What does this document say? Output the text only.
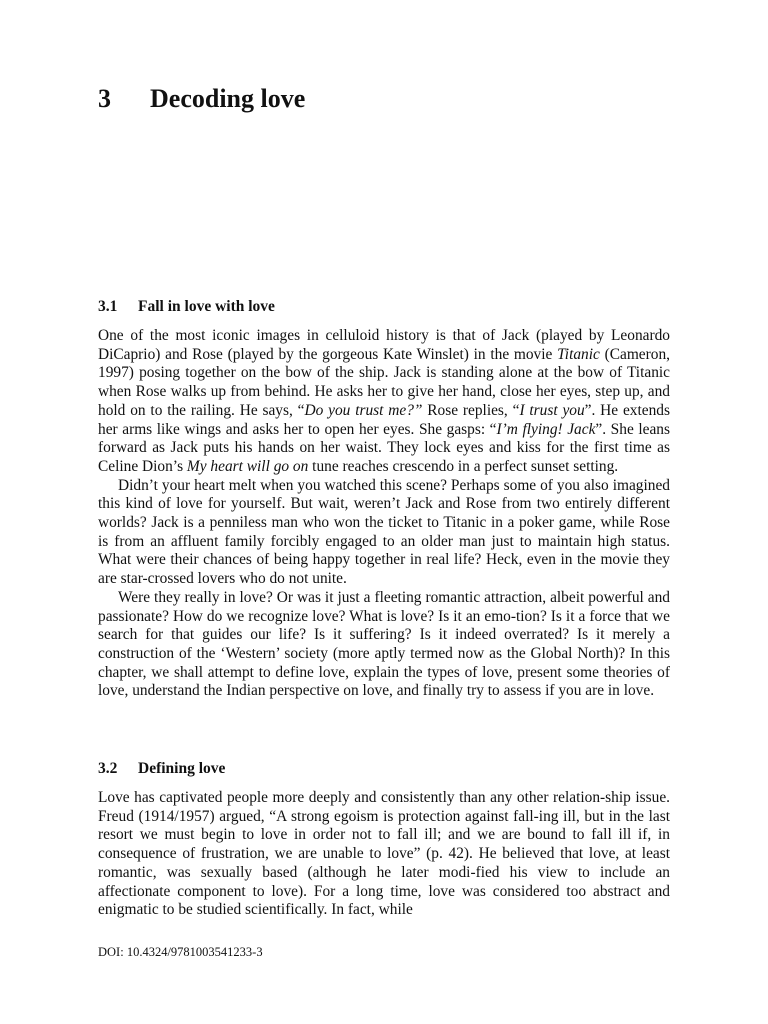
3 Decoding love
3.1 Fall in love with love

One of the most iconic images in celluloid history is that of Jack (played by Leonardo DiCaprio) and Rose (played by the gorgeous Kate Winslet) in the movie Titanic (Cameron, 1997) posing together on the bow of the ship. Jack is standing alone at the bow of Titanic when Rose walks up from behind. He asks her to give her hand, close her eyes, step up, and hold on to the railing. He says, “Do you trust me?” Rose replies, “I trust you”. He extends her arms like wings and asks her to open her eyes. She gasps: “I’m flying! Jack”. She leans forward as Jack puts his hands on her waist. They lock eyes and kiss for the first time as Celine Dion’s My heart will go on tune reaches crescendo in a perfect sunset setting.

Didn’t your heart melt when you watched this scene? Perhaps some of you also imagined this kind of love for yourself. But wait, weren’t Jack and Rose from two entirely different worlds? Jack is a penniless man who won the ticket to Titanic in a poker game, while Rose is from an affluent family forcibly engaged to an older man just to maintain high status. What were their chances of being happy together in real life? Heck, even in the movie they are star-crossed lovers who do not unite.

Were they really in love? Or was it just a fleeting romantic attraction, albeit powerful and passionate? How do we recognize love? What is love? Is it an emo-tion? Is it a force that we search for that guides our life? Is it suffering? Is it indeed overrated? Is it merely a construction of the ‘Western’ society (more aptly termed now as the Global North)? In this chapter, we shall attempt to define love, explain the types of love, present some theories of love, understand the Indian perspective on love, and finally try to assess if you are in love.

3.2 Defining love

Love has captivated people more deeply and consistently than any other relation-ship issue. Freud (1914/1957) argued, “A strong egoism is protection against fall-ing ill, but in the last resort we must begin to love in order not to fall ill; and we are bound to fall ill if, in consequence of frustration, we are unable to love” (p. 42). He believed that love, at least romantic, was sexually based (although he later modi-fied his view to include an affectionate component to love). For a long time, love was considered too abstract and enigmatic to be studied scientifically. In fact, while

DOI: 10.4324/9781003541233-3
